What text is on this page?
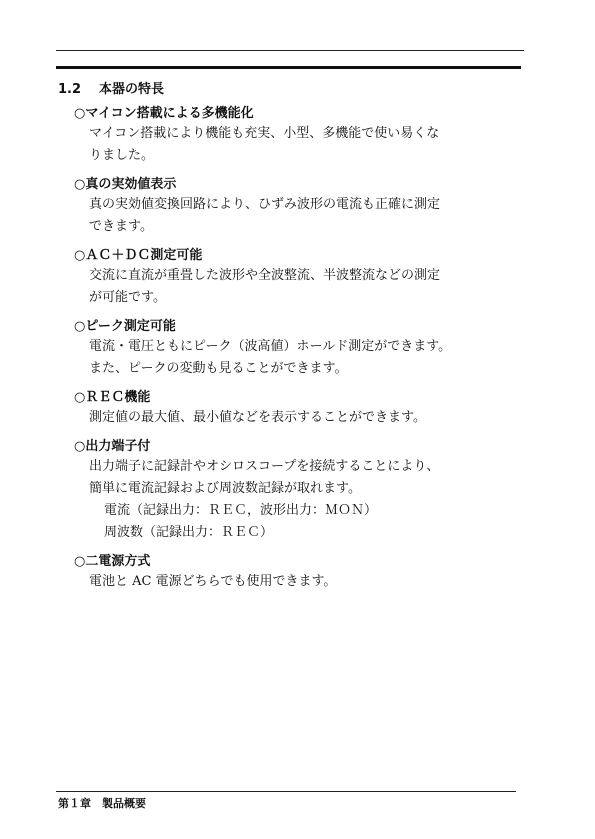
1.2 本器の特長
○マイコン搭載による多機能化
マイコン搭載により機能も充実、小型、多機能で使い易くな
りました。
○真の実効値表示
真の実効値変換回路により、ひずみ波形の電流も正確に測定
できます。
○ＡＣ＋ＤＣ測定可能
交流に直流が重畳した波形や全波整流、半波整流などの測定
が可能です。
○ピーク測定可能
電流・電圧ともにピーク（波高値）ホールド測定ができます。
また、ピークの変動も見ることができます。
○ＲＥＣ機能
測定値の最大値、最小値などを表示することができます。
○出力端子付
出力端子に記録計やオシロスコープを接続することにより、
簡単に電流記録および周波数記録が取れます。
電流（記録出力：ＲＥＣ，波形出力：ＭＯＮ）
周波数（記録出力：ＲＥＣ）
○二電源方式
電池と AC 電源どちらでも使用できます。
第１章　製品概要
